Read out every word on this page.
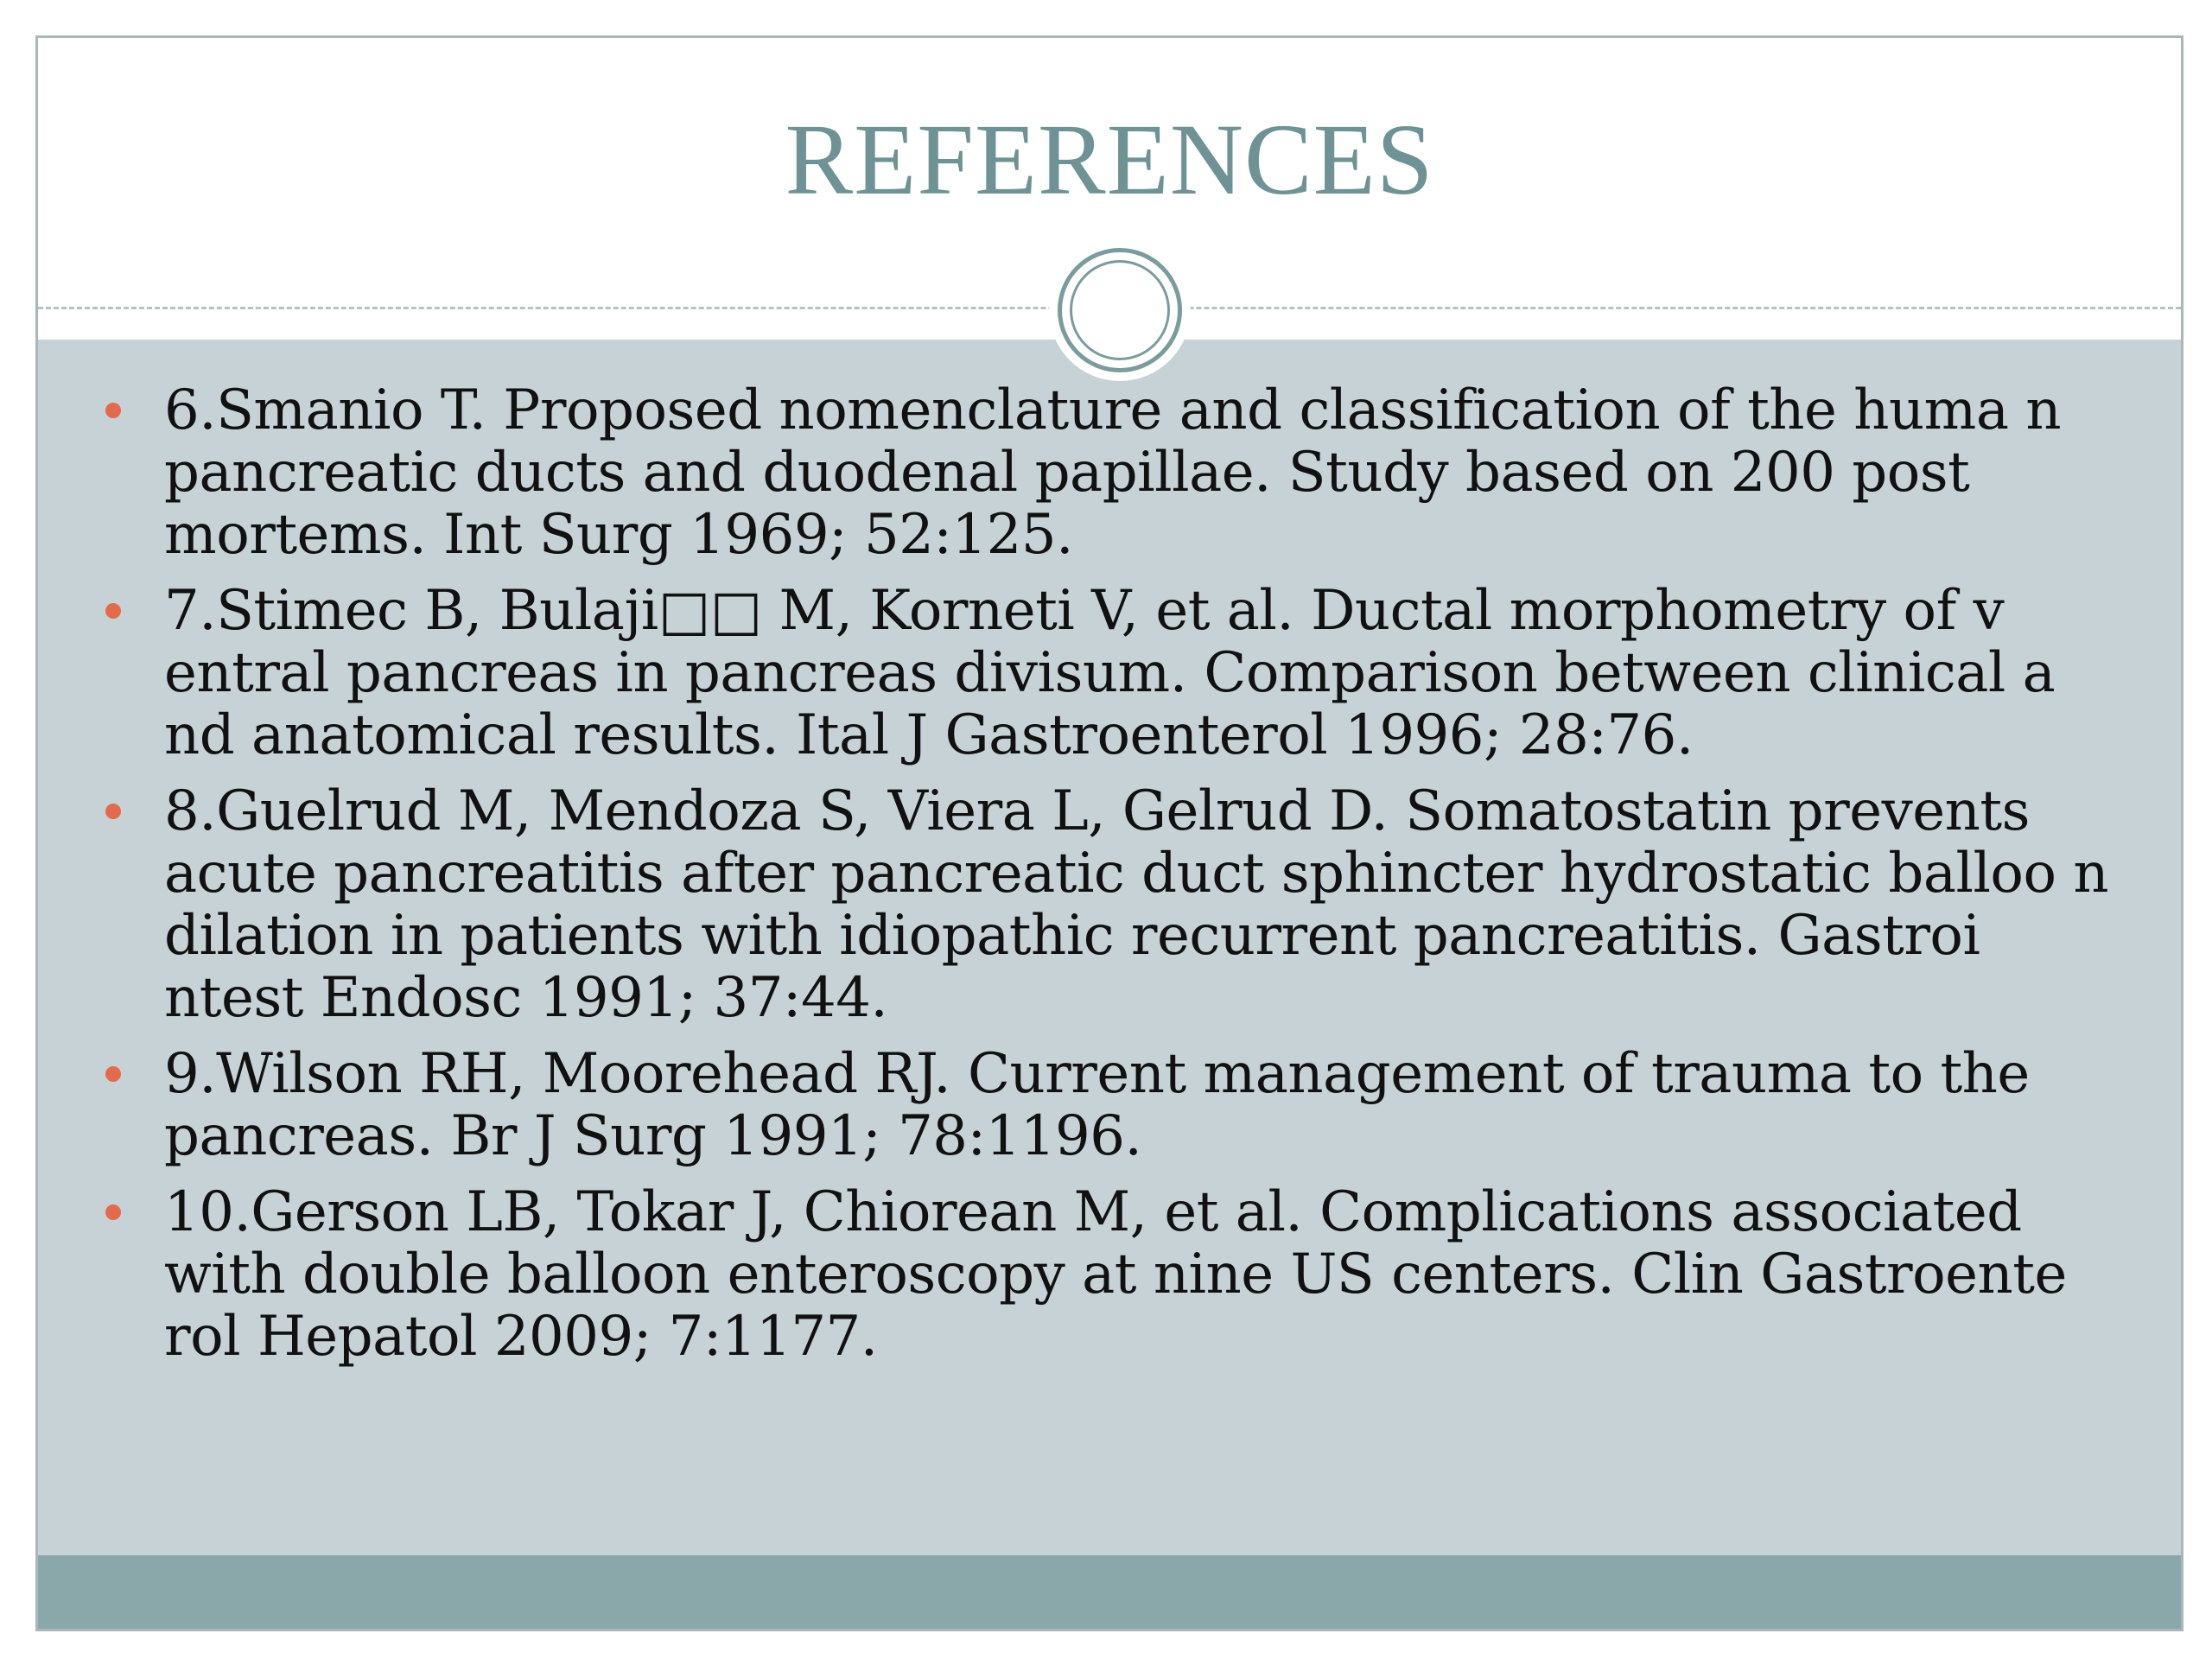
REFERENCES
6.Smanio T. Proposed nomenclature and classification of the huma n pancreatic ducts and duodenal papillae. Study based on 200 post mortems. Int Surg 1969; 52:125.
7.Stimec B, Bulaji□□ M, Korneti V, et al. Ductal morphometry of v entral pancreas in pancreas divisum. Comparison between clinical a nd anatomical results. Ital J Gastroenterol 1996; 28:76.
8.Guelrud M, Mendoza S, Viera L, Gelrud D. Somatostatin prevents acute pancreatitis after pancreatic duct sphincter hydrostatic balloo n dilation in patients with idiopathic recurrent pancreatitis. Gastroi ntest Endosc 1991; 37:44.
9.Wilson RH, Moorehead RJ. Current management of trauma to the pancreas. Br J Surg 1991; 78:1196.
10.Gerson LB, Tokar J, Chiorean M, et al. Complications associated with double balloon enteroscopy at nine US centers. Clin Gastroente rol Hepatol 2009; 7:1177.
